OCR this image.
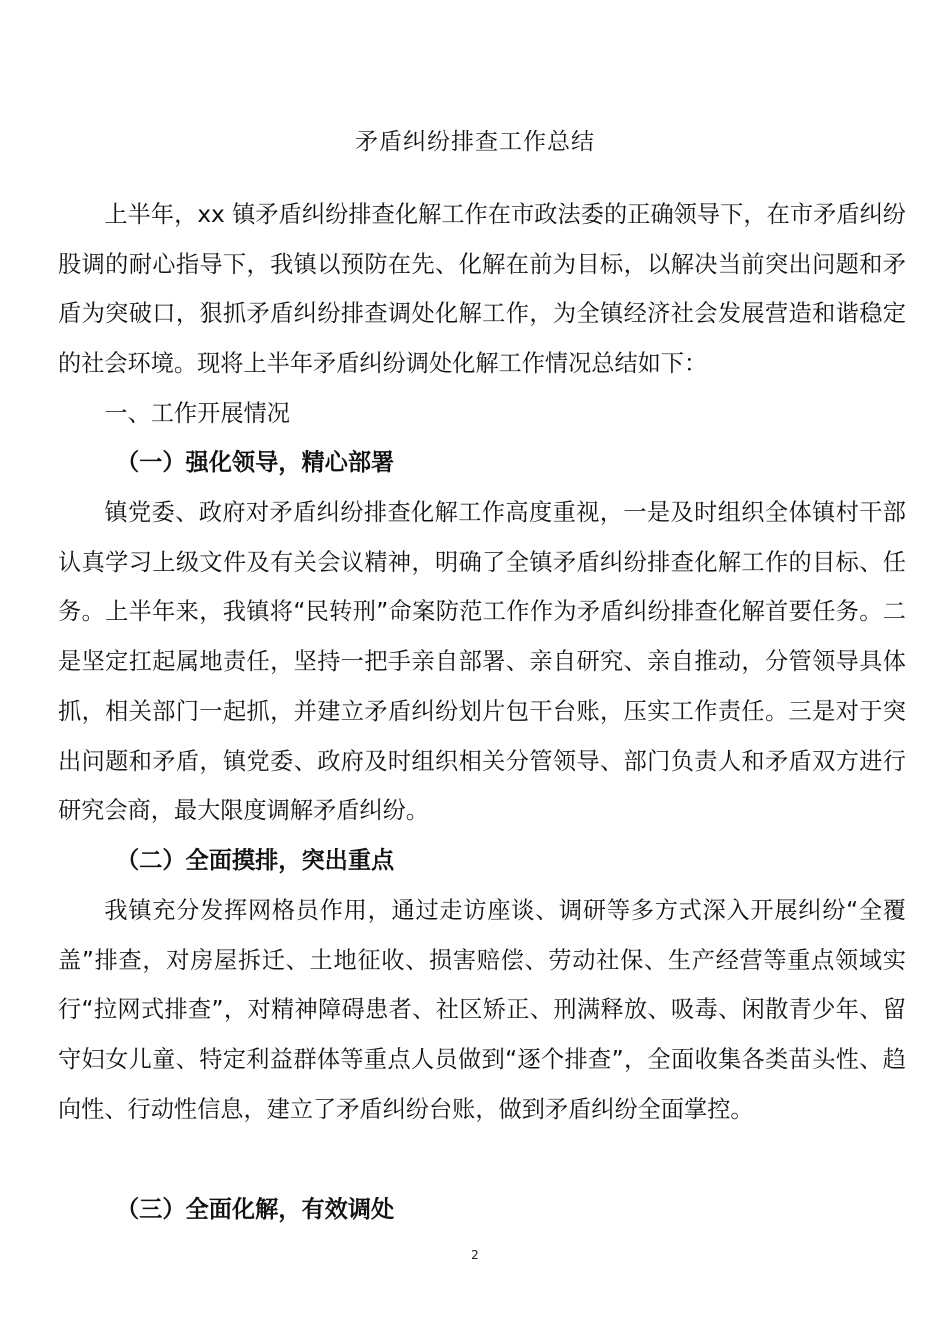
矛盾纠纷排查工作总结

上半年，xx 镇矛盾纠纷排查化解工作在市政法委的正确领导下，在市矛盾纠纷股调的耐心指导下，我镇以预防在先、化解在前为目标，以解决当前突出问题和矛盾为突破口，狠抓矛盾纠纷排查调处化解工作，为全镇经济社会发展营造和谐稳定的社会环境。现将上半年矛盾纠纷调处化解工作情况总结如下：

一、工作开展情况

（一）强化领导，精心部署

镇党委、政府对矛盾纠纷排查化解工作高度重视，一是及时组织全体镇村干部认真学习上级文件及有关会议精神，明确了全镇矛盾纠纷排查化解工作的目标、任务。上半年来，我镇将“民转刑”命案防范工作作为矛盾纠纷排查化解首要任务。二是坚定扛起属地责任，坚持一把手亲自部署、亲自研究、亲自推动，分管领导具体抓，相关部门一起抓，并建立矛盾纠纷划片包干台账，压实工作责任。三是对于突出问题和矛盾，镇党委、政府及时组织相关分管领导、部门负责人和矛盾双方进行研究会商，最大限度调解矛盾纠纷。

（二）全面摸排，突出重点

我镇充分发挥网格员作用，通过走访座谈、调研等多方式深入开展纠纷“全覆盖”排查，对房屋拆迁、土地征收、损害赔偿、劳动社保、生产经营等重点领域实行“拉网式排查”，对精神障碍患者、社区矫正、刑满释放、吸毒、闲散青少年、留守妇女儿童、特定利益群体等重点人员做到“逐个排查”，全面收集各类苗头性、趋向性、行动性信息，建立了矛盾纠纷台账，做到矛盾纠纷全面掌控。

（三）全面化解，有效调处

2
